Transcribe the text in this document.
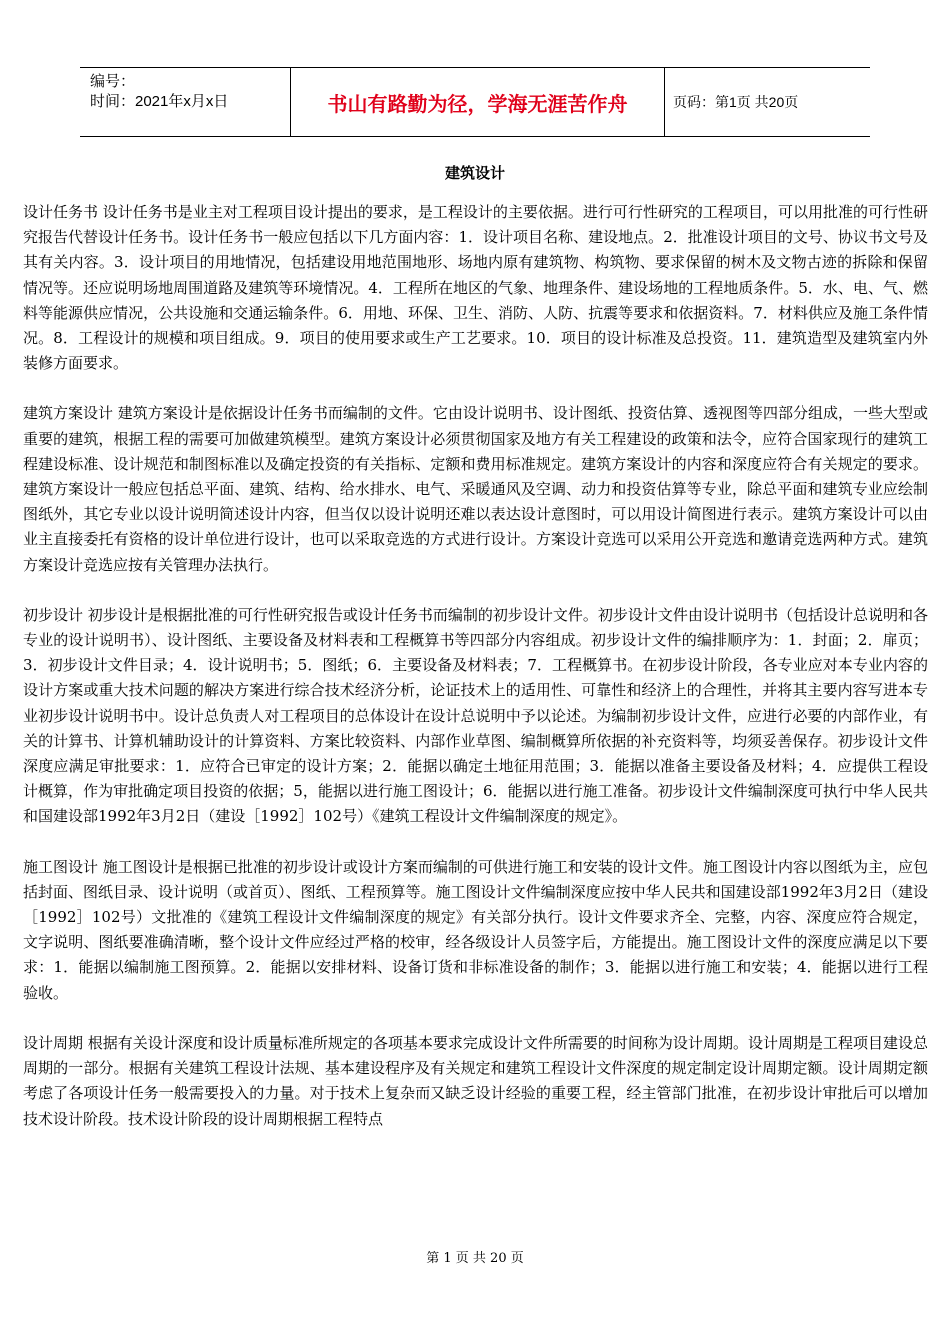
编号：
时间：2021年x月x日	书山有路勤为径，学海无涯苦作舟	页码：第1页 共20页
建筑设计

设计任务书 设计任务书是业主对工程项目设计提出的要求，是工程设计的主要依据。进行可行性研究的工程项目，可以用批准的可行性研究报告代替设计任务书。设计任务书一般应包括以下几方面内容：1．设计项目名称、建设地点。2．批准设计项目的文号、协议书文号及其有关内容。3．设计项目的用地情况，包括建设用地范围地形、场地内原有建筑物、构筑物、要求保留的树木及文物古迹的拆除和保留情况等。还应说明场地周围道路及建筑等环境情况。4．工程所在地区的气象、地理条件、建设场地的工程地质条件。5．水、电、气、燃料等能源供应情况，公共设施和交通运输条件。6．用地、环保、卫生、消防、人防、抗震等要求和依据资料。7．材料供应及施工条件情况。8．工程设计的规模和项目组成。9．项目的使用要求或生产工艺要求。10．项目的设计标准及总投资。11．建筑造型及建筑室内外装修方面要求。

建筑方案设计 建筑方案设计是依据设计任务书而编制的文件。它由设计说明书、设计图纸、投资估算、透视图等四部分组成，一些大型或重要的建筑，根据工程的需要可加做建筑模型。建筑方案设计必须贯彻国家及地方有关工程建设的政策和法令，应符合国家现行的建筑工程建设标准、设计规范和制图标准以及确定投资的有关指标、定额和费用标准规定。建筑方案设计的内容和深度应符合有关规定的要求。建筑方案设计一般应包括总平面、建筑、结构、给水排水、电气、采暖通风及空调、动力和投资估算等专业，除总平面和建筑专业应绘制图纸外，其它专业以设计说明简述设计内容，但当仅以设计说明还难以表达设计意图时，可以用设计简图进行表示。建筑方案设计可以由业主直接委托有资格的设计单位进行设计，也可以采取竞选的方式进行设计。方案设计竞选可以采用公开竞选和邀请竞选两种方式。建筑方案设计竞选应按有关管理办法执行。

初步设计 初步设计是根据批准的可行性研究报告或设计任务书而编制的初步设计文件。初步设计文件由设计说明书（包括设计总说明和各专业的设计说明书）、设计图纸、主要设备及材料表和工程概算书等四部分内容组成。初步设计文件的编排顺序为：1．封面；2．扉页；3．初步设计文件目录；4．设计说明书；5．图纸；6．主要设备及材料表；7．工程概算书。在初步设计阶段，各专业应对本专业内容的设计方案或重大技术问题的解决方案进行综合技术经济分析，论证技术上的适用性、可靠性和经济上的合理性，并将其主要内容写进本专业初步设计说明书中。设计总负责人对工程项目的总体设计在设计总说明中予以论述。为编制初步设计文件，应进行必要的内部作业，有关的计算书、计算机辅助设计的计算资料、方案比较资料、内部作业草图、编制概算所依据的补充资料等，均须妥善保存。初步设计文件深度应满足审批要求：1．应符合已审定的设计方案；2．能据以确定土地征用范围；3．能据以准备主要设备及材料；4．应提供工程设计概算，作为审批确定项目投资的依据；5，能据以进行施工图设计；6．能据以进行施工准备。初步设计文件编制深度可执行中华人民共和国建设部1992年3月2日（建设［1992］102号）《建筑工程设计文件编制深度的规定》。

施工图设计 施工图设计是根据已批准的初步设计或设计方案而编制的可供进行施工和安装的设计文件。施工图设计内容以图纸为主，应包括封面、图纸目录、设计说明（或首页）、图纸、工程预算等。施工图设计文件编制深度应按中华人民共和国建设部1992年3月2日（建设［1992］102号）文批准的《建筑工程设计文件编制深度的规定》有关部分执行。设计文件要求齐全、完整，内容、深度应符合规定，文字说明、图纸要准确清晰，整个设计文件应经过严格的校审，经各级设计人员签字后，方能提出。施工图设计文件的深度应满足以下要求：1．能据以编制施工图预算。2．能据以安排材料、设备订货和非标准设备的制作；3．能据以进行施工和安装；4．能据以进行工程验收。

设计周期 根据有关设计深度和设计质量标准所规定的各项基本要求完成设计文件所需要的时间称为设计周期。设计周期是工程项目建设总周期的一部分。根据有关建筑工程设计法规、基本建设程序及有关规定和建筑工程设计文件深度的规定制定设计周期定额。设计周期定额考虑了各项设计任务一般需要投入的力量。对于技术上复杂而又缺乏设计经验的重要工程，经主管部门批准，在初步设计审批后可以增加技术设计阶段。技术设计阶段的设计周期根据工程特点

第 1 页 共 20 页
